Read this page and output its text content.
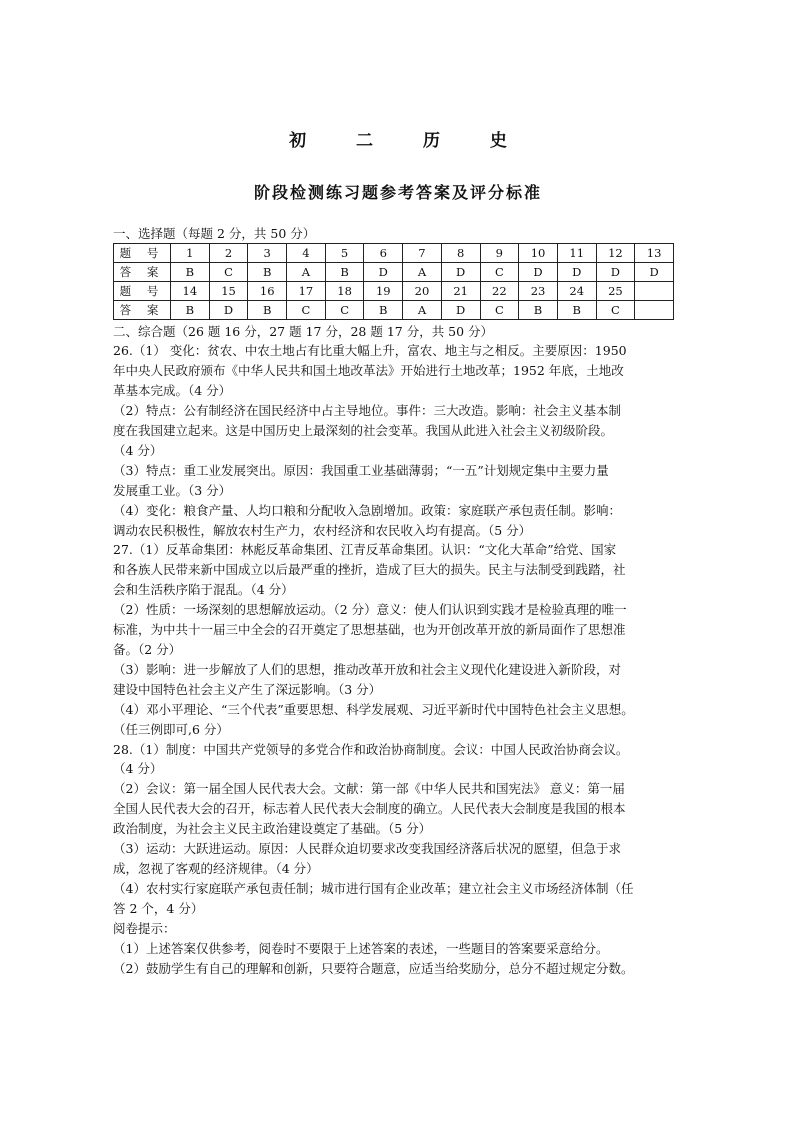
初 二 历 史
阶段检测练习题参考答案及评分标准
一、选择题（每题 2 分，共 50 分）
题 号	1	2	3	4	5	6	7	8	9	10	11	12	13
答 案	B	C	B	A	B	D	A	D	C	D	D	D	D
题 号	14	15	16	17	18	19	20	21	22	23	24	25	
答 案	B	D	B	C	C	B	A	D	C	B	B	C	
二、综合题（26 题 16 分，27 题 17 分，28 题 17 分，共 50 分）
26.（1） 变化：贫农、中农土地占有比重大幅上升，富农、地主与之相反。主要原因：1950
年中央人民政府颁布《中华人民共和国土地改革法》开始进行土地改革；1952 年底，土地改
革基本完成。（4 分）
（2）特点：公有制经济在国民经济中占主导地位。事件：三大改造。影响：社会主义基本制
度在我国建立起来。这是中国历史上最深刻的社会变革。我国从此进入社会主义初级阶段。
（4 分）
（3）特点：重工业发展突出。原因：我国重工业基础薄弱；“一五”计划规定集中主要力量
发展重工业。（3 分）
（4）变化：粮食产量、人均口粮和分配收入急剧增加。政策：家庭联产承包责任制。影响：
调动农民积极性，解放农村生产力，农村经济和农民收入均有提高。（5 分）
27.（1）反革命集团：林彪反革命集团、江青反革命集团。认识：“文化大革命”给党、国家
和各族人民带来新中国成立以后最严重的挫折，造成了巨大的损失。民主与法制受到践踏，社
会和生活秩序陷于混乱。（4 分）
（2）性质：一场深刻的思想解放运动。（2 分）意义：使人们认识到实践才是检验真理的唯一
标准，为中共十一届三中全会的召开奠定了思想基础，也为开创改革开放的新局面作了思想准
备。（2 分）
（3）影响：进一步解放了人们的思想，推动改革开放和社会主义现代化建设进入新阶段，对
建设中国特色社会主义产生了深远影响。（3 分）
（4）邓小平理论、“三个代表”重要思想、科学发展观、习近平新时代中国特色社会主义思想。
（任三例即可,6 分）
28.（1）制度：中国共产党领导的多党合作和政治协商制度。会议：中国人民政治协商会议。
（4 分）
（2）会议：第一届全国人民代表大会。文献：第一部《中华人民共和国宪法》 意义：第一届
全国人民代表大会的召开，标志着人民代表大会制度的确立。人民代表大会制度是我国的根本
政治制度，为社会主义民主政治建设奠定了基础。（5 分）
（3）运动：大跃进运动。原因：人民群众迫切要求改变我国经济落后状况的愿望，但急于求
成，忽视了客观的经济规律。（4 分）
（4）农村实行家庭联产承包责任制；城市进行国有企业改革；建立社会主义市场经济体制（任
答 2 个，4 分）
阅卷提示：
（1）上述答案仅供参考，阅卷时不要限于上述答案的表述，一些题目的答案要采意给分。
（2）鼓励学生有自己的理解和创新，只要符合题意，应适当给奖励分，总分不超过规定分数。
